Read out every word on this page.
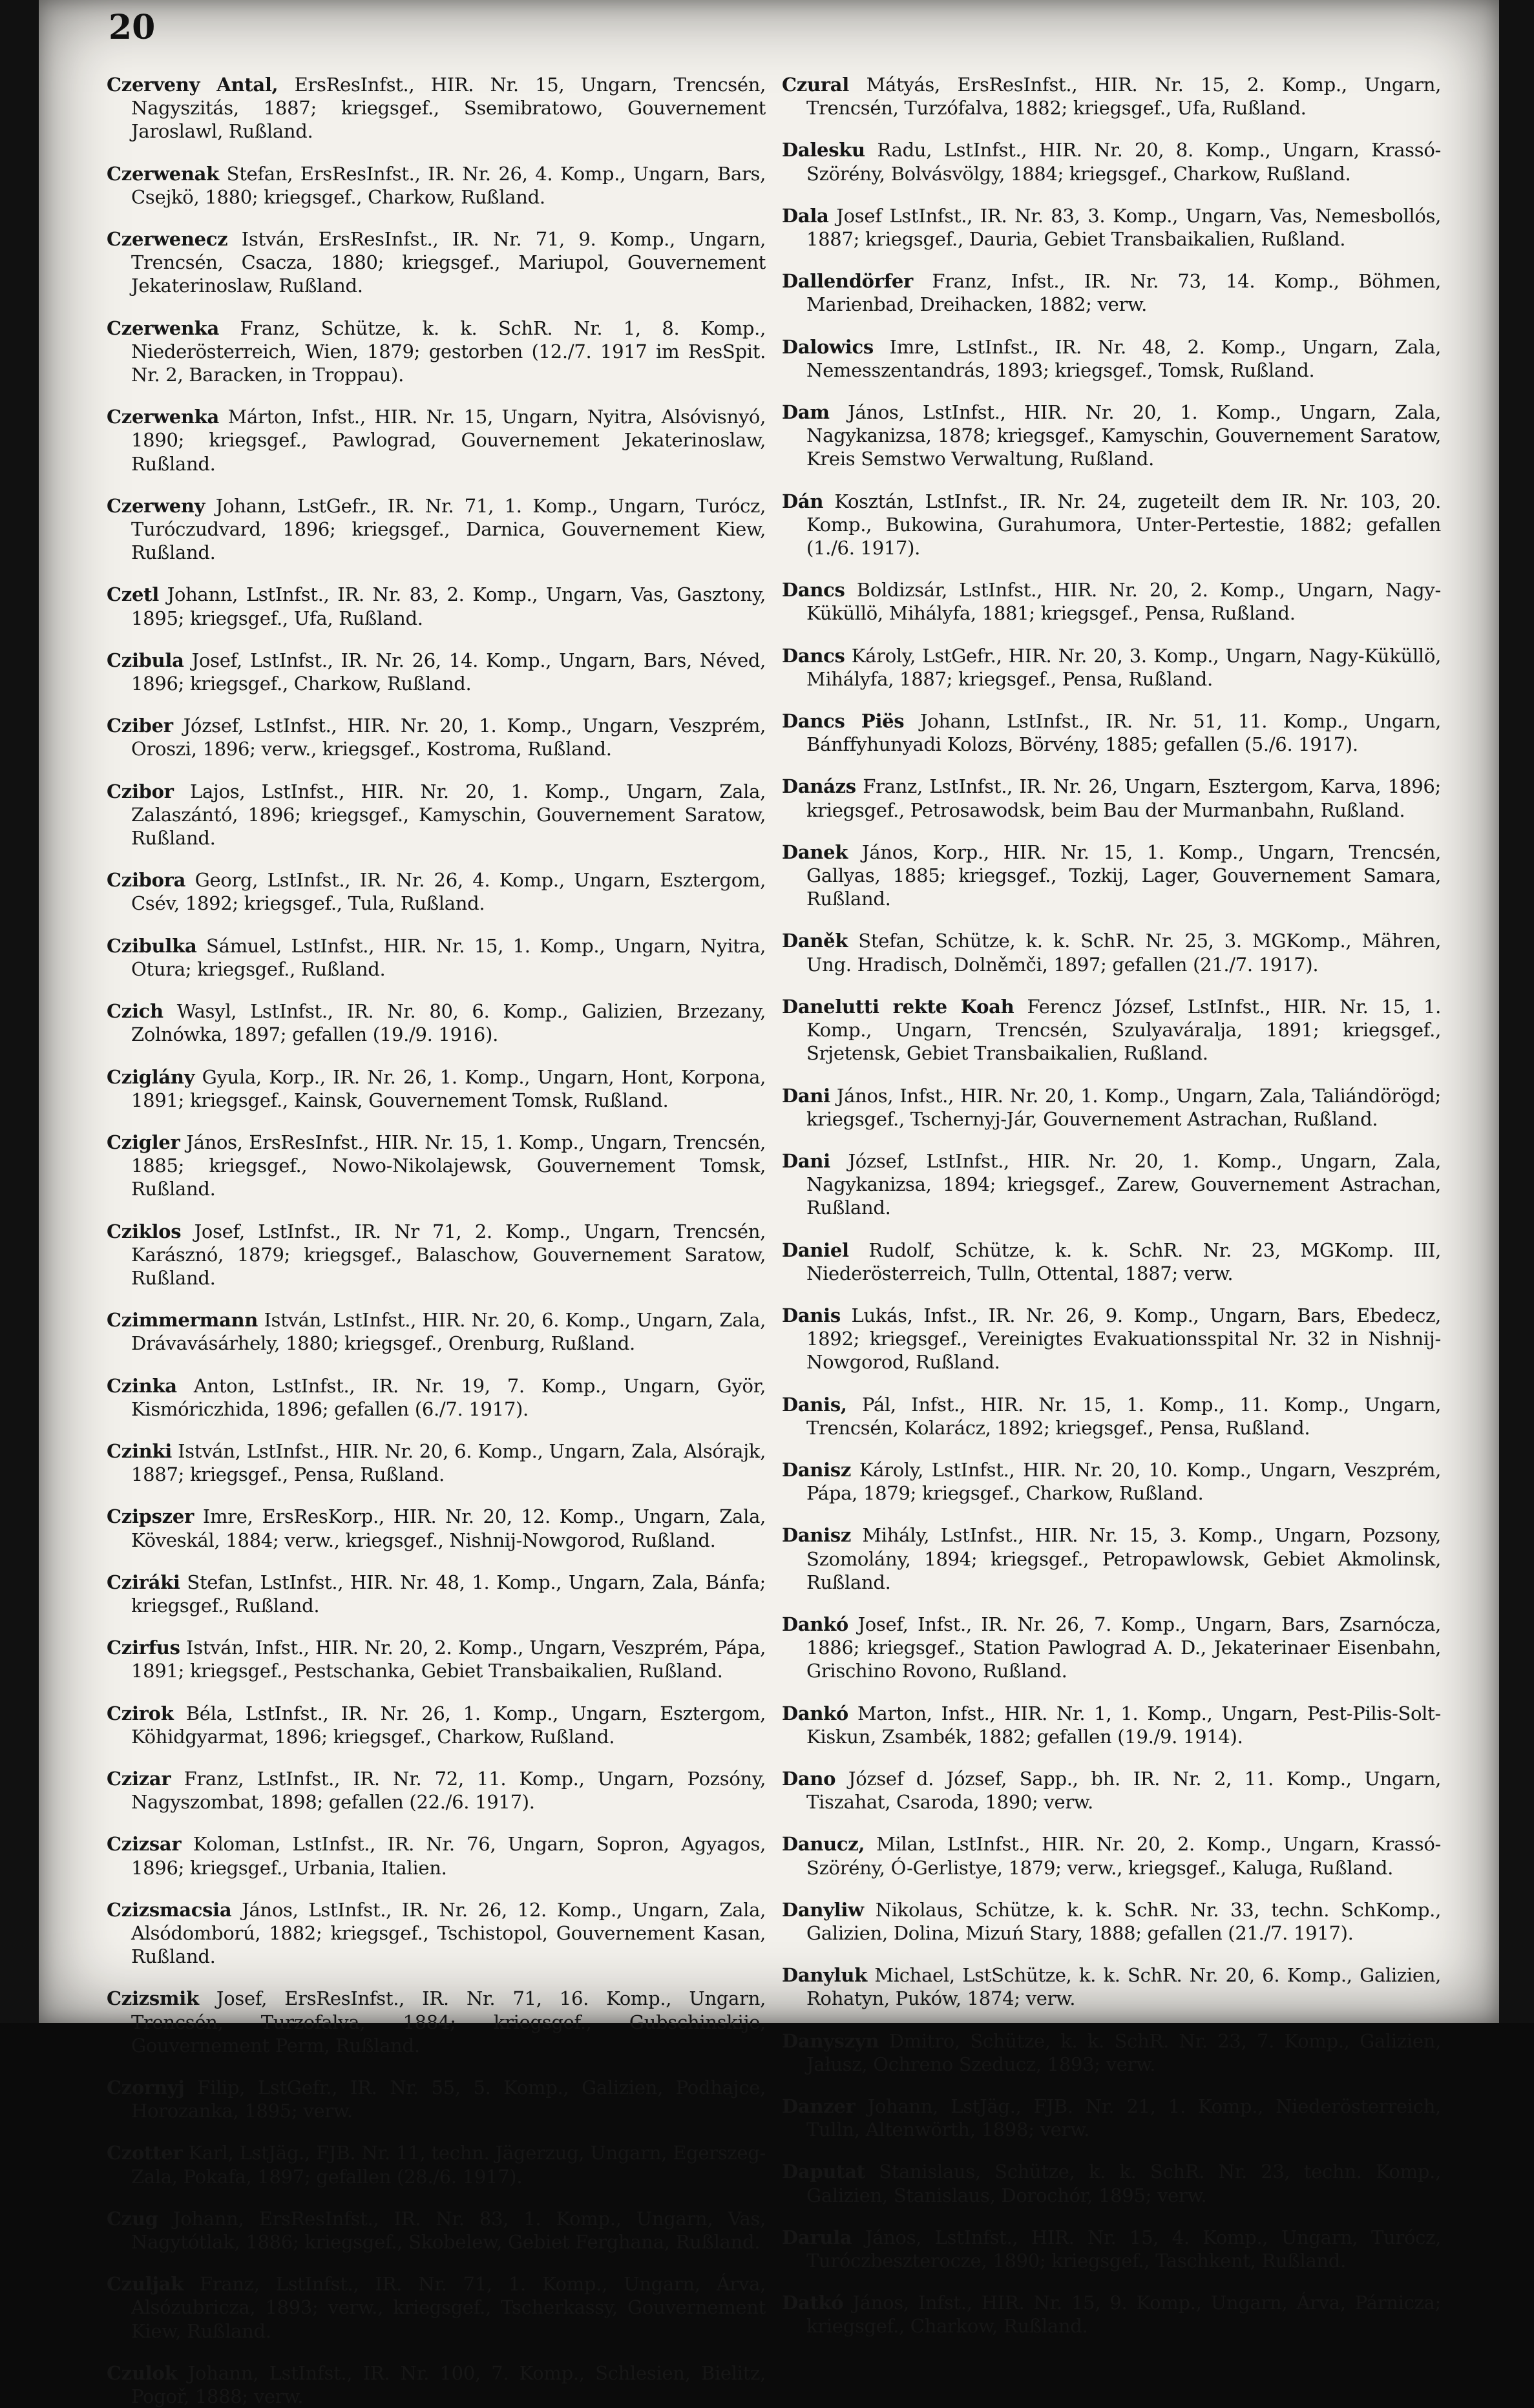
20

Czerveny Antal, ErsResInfst., HIR. Nr. 15, Ungarn, Trencsén, Nagyszitás, 1887; kriegsgef., Ssemibratowo, Gouvernement Jaroslawl, Rußland.

Czerwenak Stefan, ErsResInfst., IR. Nr. 26, 4. Komp., Ungarn, Bars, Csejkö, 1880; kriegsgef., Charkow, Rußland.

Czerwenecz István, ErsResInfst., IR. Nr. 71, 9. Komp., Ungarn, Trencsén, Csacza, 1880; kriegsgef., Mariupol, Gouvernement Jekaterinoslaw, Rußland.

Czerwenka Franz, Schütze, k. k. SchR. Nr. 1, 8. Komp., Niederösterreich, Wien, 1879; gestorben (12./7. 1917 im ResSpit. Nr. 2, Baracken, in Troppau).

Czerwenka Márton, Infst., HIR. Nr. 15, Ungarn, Nyitra, Alsóvisnyó, 1890; kriegsgef., Pawlograd, Gouvernement Jekaterinoslaw, Rußland.

Czerweny Johann, LstGefr., IR. Nr. 71, 1. Komp., Ungarn, Turócz, Turóczudvard, 1896; kriegsgef., Darnica, Gouvernement Kiew, Rußland.

Czetl Johann, LstInfst., IR. Nr. 83, 2. Komp., Ungarn, Vas, Gasztony, 1895; kriegsgef., Ufa, Rußland.

Czibula Josef, LstInfst., IR. Nr. 26, 14. Komp., Ungarn, Bars, Néved, 1896; kriegsgef., Charkow, Rußland.

Cziber József, LstInfst., HIR. Nr. 20, 1. Komp., Ungarn, Veszprém, Oroszi, 1896; verw., kriegsgef., Kostroma, Rußland.

Czibor Lajos, LstInfst., HIR. Nr. 20, 1. Komp., Ungarn, Zala, Zalaszántó, 1896; kriegsgef., Kamyschin, Gouvernement Saratow, Rußland.

Czibora Georg, LstInfst., IR. Nr. 26, 4. Komp., Ungarn, Esztergom, Csév, 1892; kriegsgef., Tula, Rußland.

Czibulka Sámuel, LstInfst., HIR. Nr. 15, 1. Komp., Ungarn, Nyitra, Otura; kriegsgef., Rußland.

Czich Wasyl, LstInfst., IR. Nr. 80, 6. Komp., Galizien, Brzezany, Zolnówka, 1897; gefallen (19./9. 1916).

Cziglány Gyula, Korp., IR. Nr. 26, 1. Komp., Ungarn, Hont, Korpona, 1891; kriegsgef., Kainsk, Gouvernement Tomsk, Rußland.

Czigler János, ErsResInfst., HIR. Nr. 15, 1. Komp., Ungarn, Trencsén, 1885; kriegsgef., Nowo-Nikolajewsk, Gouvernement Tomsk, Rußland.

Cziklos Josef, LstInfst., IR. Nr 71, 2. Komp., Ungarn, Trencsén, Karásznó, 1879; kriegsgef., Balaschow, Gouvernement Saratow, Rußland.

Czimmermann István, LstInfst., HIR. Nr. 20, 6. Komp., Ungarn, Zala, Drávavásárhely, 1880; kriegsgef., Orenburg, Rußland.

Czinka Anton, LstInfst., IR. Nr. 19, 7. Komp., Ungarn, Györ, Kismóriczhida, 1896; gefallen (6./7. 1917).

Czinki István, LstInfst., HIR. Nr. 20, 6. Komp., Ungarn, Zala, Alsórajk, 1887; kriegsgef., Pensa, Rußland.

Czipszer Imre, ErsResKorp., HIR. Nr. 20, 12. Komp., Ungarn, Zala, Köveskál, 1884; verw., kriegsgef., Nishnij-Nowgorod, Rußland.

Cziráki Stefan, LstInfst., HIR. Nr. 48, 1. Komp., Ungarn, Zala, Bánfa; kriegsgef., Rußland.

Czirfus István, Infst., HIR. Nr. 20, 2. Komp., Ungarn, Veszprém, Pápa, 1891; kriegsgef., Pestschanka, Gebiet Transbaikalien, Rußland.

Czirok Béla, LstInfst., IR. Nr. 26, 1. Komp., Ungarn, Esztergom, Köhidgyarmat, 1896; kriegsgef., Charkow, Rußland.

Czizar Franz, LstInfst., IR. Nr. 72, 11. Komp., Ungarn, Pozsóny, Nagyszombat, 1898; gefallen (22./6. 1917).

Czizsar Koloman, LstInfst., IR. Nr. 76, Ungarn, Sopron, Agyagos, 1896; kriegsgef., Urbania, Italien.

Czizsmacsia János, LstInfst., IR. Nr. 26, 12. Komp., Ungarn, Zala, Alsódomború, 1882; kriegsgef., Tschistopol, Gouvernement Kasan, Rußland.

Czizsmik Josef, ErsResInfst., IR. Nr. 71, 16. Komp., Ungarn, Trencsén, Turzofalva, 1884; kriegsgef., Gubschinskije, Gouvernement Perm, Rußland.

Czornyj Filip, LstGefr., IR. Nr. 55, 5. Komp., Galizien, Podhajce, Horozanka, 1895; verw.

Czotter Karl, LstJäg., FJB. Nr. 11, techn. Jägerzug, Ungarn, Egerszeg-Zala, Pokafa, 1897; gefallen (28./6. 1917).

Czug Johann, ErsResInfst., IR. Nr. 83, 1. Komp., Ungarn, Vas, Nagytótlak, 1886; kriegsgef., Skobelew, Gebiet Ferghana, Rußland.

Czuljak Franz, LstInfst., IR. Nr. 71, 1. Komp., Ungarn, Árva, Alsózubricza, 1893; verw., kriegsgef., Tscherkassy, Gouvernement Kiew, Rußland.

Czulok Johann, LstInfst., IR. Nr. 100, 7. Komp., Schlesien, Bielitz, Pogoř, 1888; verw.

Czural Mátyás, ErsResInfst., HIR. Nr. 15, 2. Komp., Ungarn, Trencsén, Turzófalva, 1882; kriegsgef., Ufa, Rußland.

Dalesku Radu, LstInfst., HIR. Nr. 20, 8. Komp., Ungarn, Krassó-Szörény, Bolvásvölgy, 1884; kriegsgef., Charkow, Rußland.

Dala Josef LstInfst., IR. Nr. 83, 3. Komp., Ungarn, Vas, Nemesbollós, 1887; kriegsgef., Dauria, Gebiet Transbaikalien, Rußland.

Dallendörfer Franz, Infst., IR. Nr. 73, 14. Komp., Böhmen, Marienbad, Dreihacken, 1882; verw.

Dalowics Imre, LstInfst., IR. Nr. 48, 2. Komp., Ungarn, Zala, Nemesszentandrás, 1893; kriegsgef., Tomsk, Rußland.

Dam János, LstInfst., HIR. Nr. 20, 1. Komp., Ungarn, Zala, Nagykanizsa, 1878; kriegsgef., Kamyschin, Gouvernement Saratow, Kreis Semstwo Verwaltung, Rußland.

Dán Kosztán, LstInfst., IR. Nr. 24, zugeteilt dem IR. Nr. 103, 20. Komp., Bukowina, Gurahumora, Unter-Pertestie, 1882; gefallen (1./6. 1917).

Dancs Boldizsár, LstInfst., HIR. Nr. 20, 2. Komp., Ungarn, Nagy-Küküllö, Mihályfa, 1881; kriegsgef., Pensa, Rußland.

Dancs Károly, LstGefr., HIR. Nr. 20, 3. Komp., Ungarn, Nagy-Küküllö, Mihályfa, 1887; kriegsgef., Pensa, Rußland.

Dancs Piës Johann, LstInfst., IR. Nr. 51, 11. Komp., Ungarn, Bánffyhunyadi Kolozs, Börvény, 1885; gefallen (5./6. 1917).

Danázs Franz, LstInfst., IR. Nr. 26, Ungarn, Esztergom, Karva, 1896; kriegsgef., Petrosawodsk, beim Bau der Murmanbahn, Rußland.

Danek János, Korp., HIR. Nr. 15, 1. Komp., Ungarn, Trencsén, Gallyas, 1885; kriegsgef., Tozkij, Lager, Gouvernement Samara, Rußland.

Daněk Stefan, Schütze, k. k. SchR. Nr. 25, 3. MGKomp., Mähren, Ung. Hradisch, Dolněmči, 1897; gefallen (21./7. 1917).

Danelutti rekte Koah Ferencz József, LstInfst., HIR. Nr. 15, 1. Komp., Ungarn, Trencsén, Szulyaváralja, 1891; kriegsgef., Srjetensk, Gebiet Transbaikalien, Rußland.

Dani János, Infst., HIR. Nr. 20, 1. Komp., Ungarn, Zala, Taliándörögd; kriegsgef., Tschernyj-Jár, Gouvernement Astrachan, Rußland.

Dani József, LstInfst., HIR. Nr. 20, 1. Komp., Ungarn, Zala, Nagykanizsa, 1894; kriegsgef., Zarew, Gouvernement Astrachan, Rußland.

Daniel Rudolf, Schütze, k. k. SchR. Nr. 23, MGKomp. III, Niederösterreich, Tulln, Ottental, 1887; verw.

Danis Lukás, Infst., IR. Nr. 26, 9. Komp., Ungarn, Bars, Ebedecz, 1892; kriegsgef., Vereinigtes Evakuationsspital Nr. 32 in Nishnij-Nowgorod, Rußland.

Danis, Pál, Infst., HIR. Nr. 15, 1. Komp., 11. Komp., Ungarn, Trencsén, Kolarácz, 1892; kriegsgef., Pensa, Rußland.

Danisz Károly, LstInfst., HIR. Nr. 20, 10. Komp., Ungarn, Veszprém, Pápa, 1879; kriegsgef., Charkow, Rußland.

Danisz Mihály, LstInfst., HIR. Nr. 15, 3. Komp., Ungarn, Pozsony, Szomolány, 1894; kriegsgef., Petropawlowsk, Gebiet Akmolinsk, Rußland.

Dankó Josef, Infst., IR. Nr. 26, 7. Komp., Ungarn, Bars, Zsarnócza, 1886; kriegsgef., Station Pawlograd A. D., Jekaterinaer Eisenbahn, Grischino Rovono, Rußland.

Dankó Marton, Infst., HIR. Nr. 1, 1. Komp., Ungarn, Pest-Pilis-Solt-Kiskun, Zsambék, 1882; gefallen (19./9. 1914).

Dano József d. József, Sapp., bh. IR. Nr. 2, 11. Komp., Ungarn, Tiszahat, Csaroda, 1890; verw.

Danucz, Milan, LstInfst., HIR. Nr. 20, 2. Komp., Ungarn, Krassó-Szörény, Ó-Gerlistye, 1879; verw., kriegsgef., Kaluga, Rußland.

Danyliw Nikolaus, Schütze, k. k. SchR. Nr. 33, techn. SchKomp., Galizien, Dolina, Mizuń Stary, 1888; gefallen (21./7. 1917).

Danyluk Michael, LstSchütze, k. k. SchR. Nr. 20, 6. Komp., Galizien, Rohatyn, Puków, 1874; verw.

Danyszyn Dmitro, Schütze, k. k. SchR. Nr. 23, 7. Komp., Galizien, Jałusz, Ochreno Szeducz, 1893; verw.

Danzer Johann, LstJäg., FJB. Nr. 21, 1. Komp., Niederösterreich, Tulln, Altenwörth, 1898; verw.

Daputat Stanislaus, Schütze, k. k. SchR. Nr. 23, techn. Komp., Galizien, Stanislaus, Dorochór, 1895; verw.

Darula János, LstInfst., HIR. Nr. 15, 4. Komp., Ungarn, Turócz, Turóczbeszterocze, 1890; kriegsgef., Taschkent, Rußland.

Datkó János, Infst., HIR. Nr. 15, 9. Komp., Ungarn, Árva, Párnicza; kriegsgef., Charkow, Rußland.
